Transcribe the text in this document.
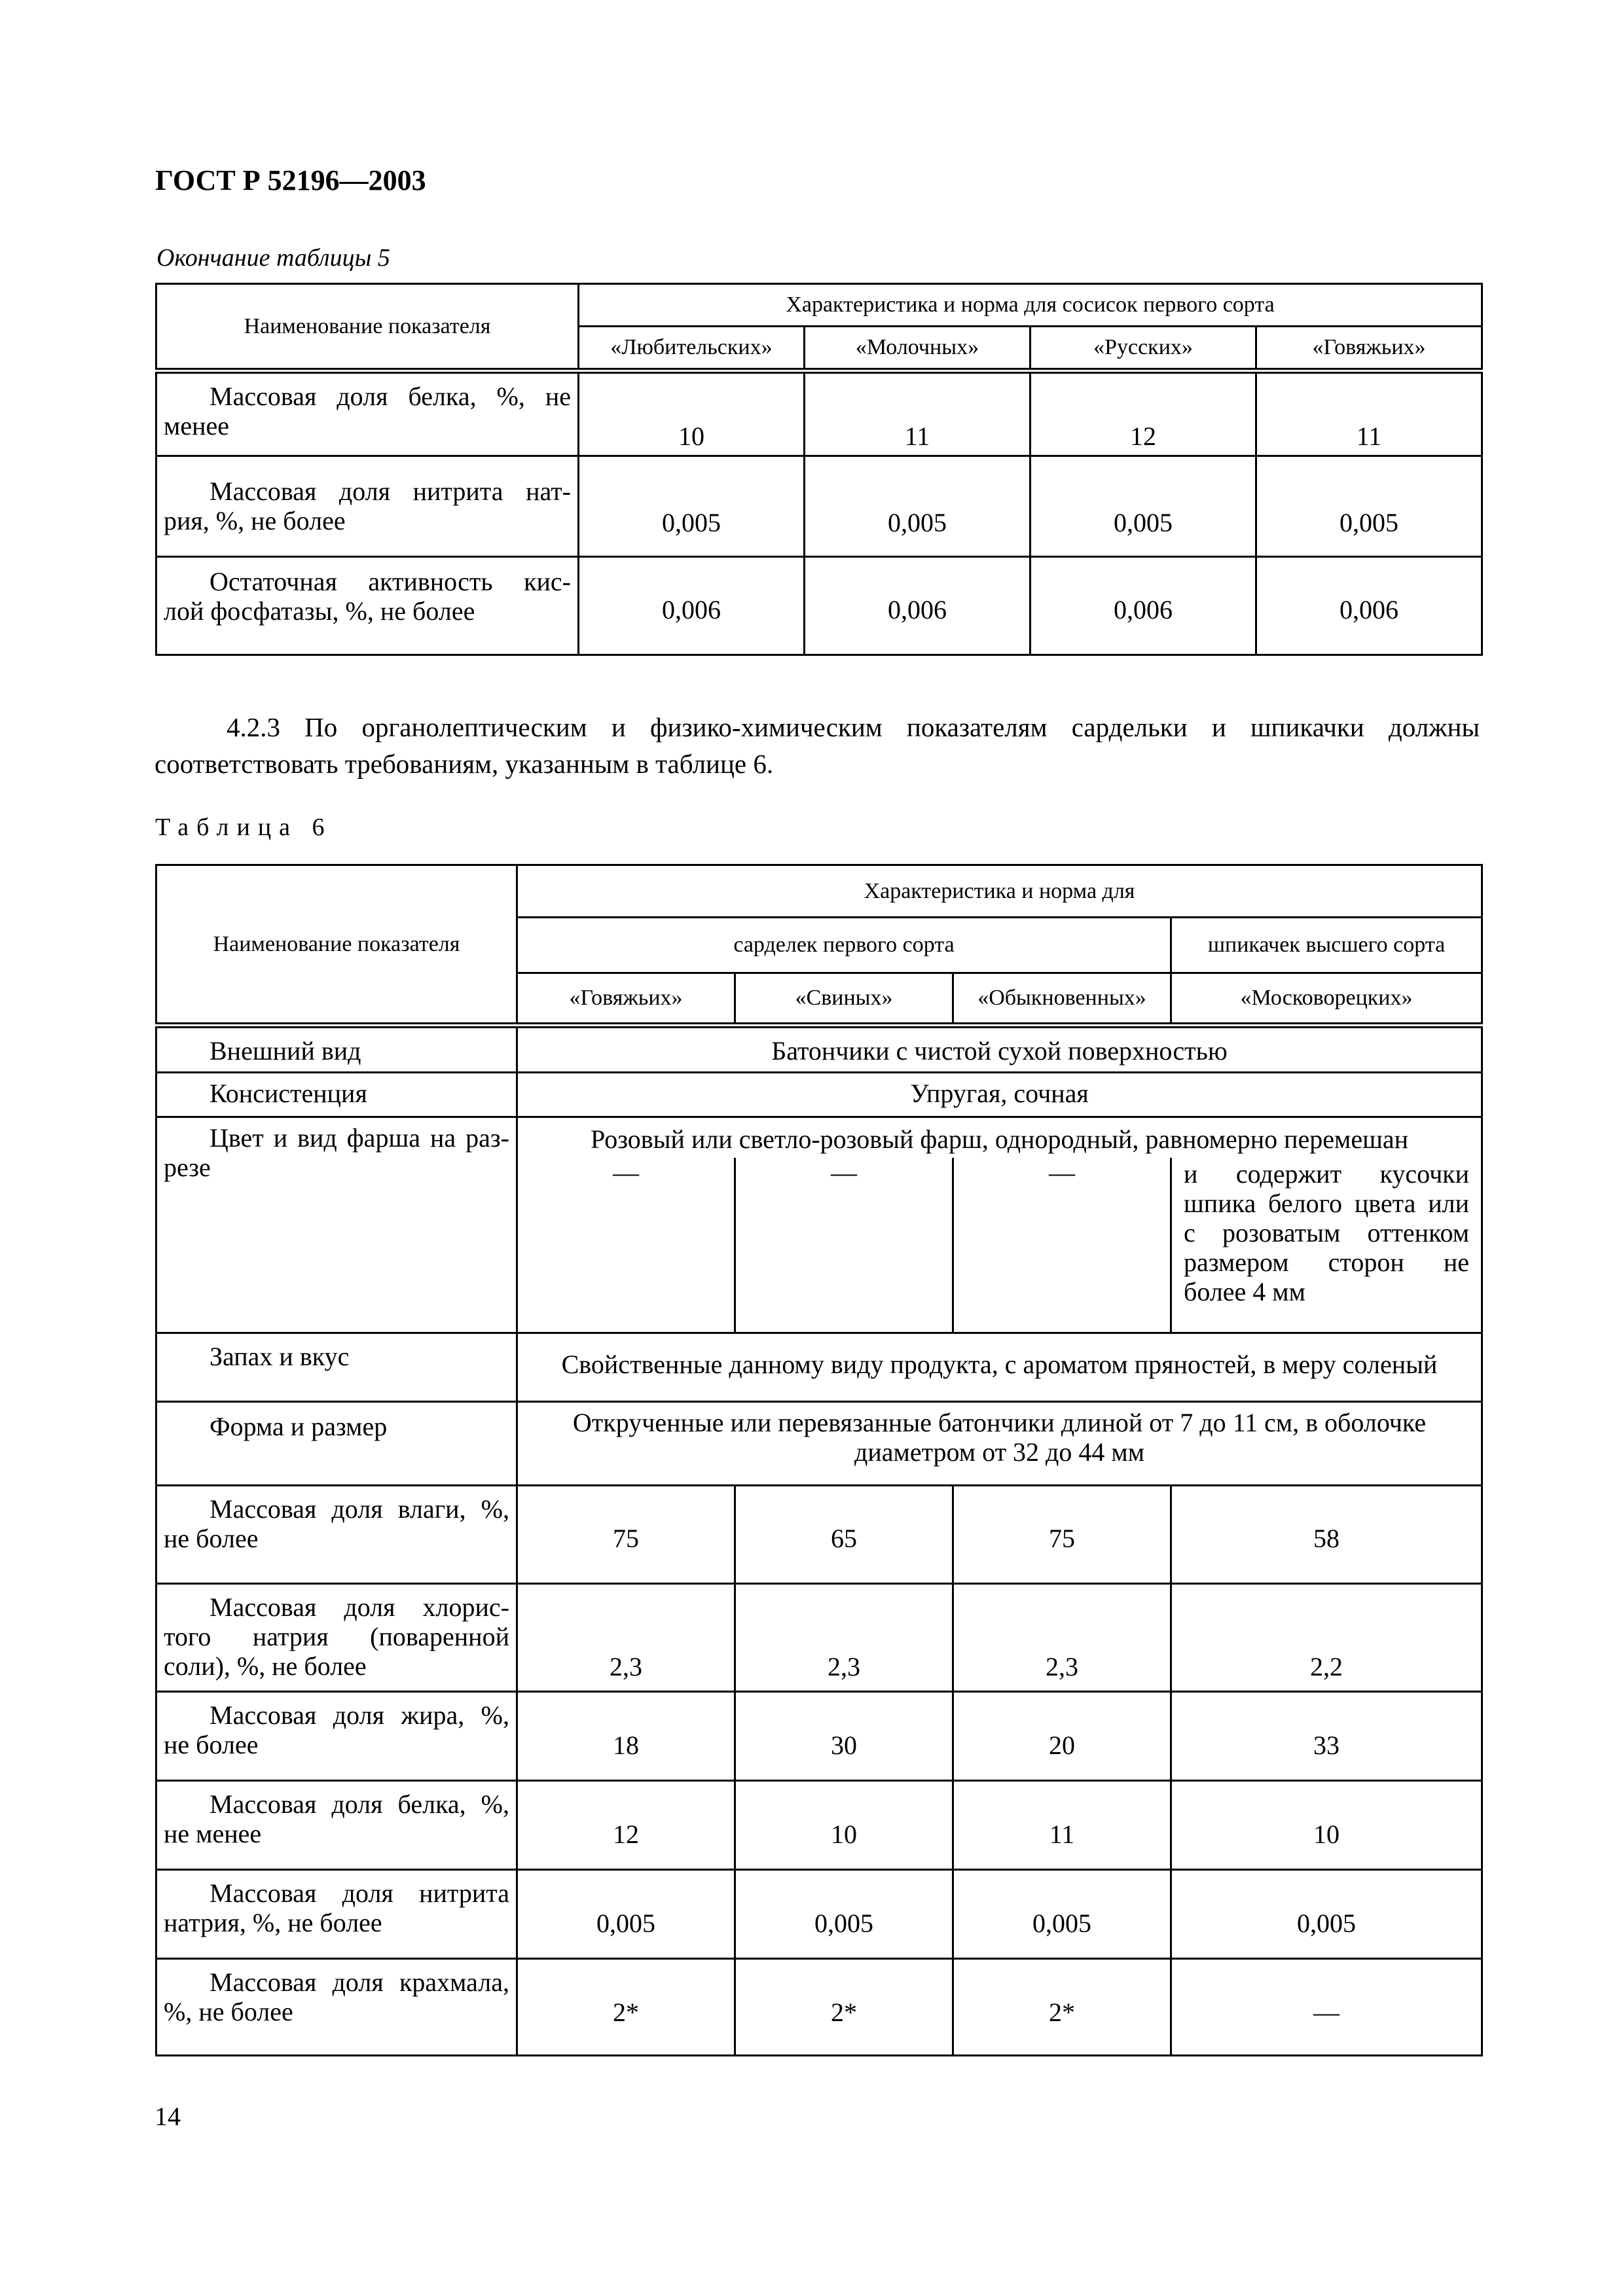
ГОСТ Р 52196—2003
Окончание таблицы 5
Наименование показателя	Характеристика и норма для сосисок первого сорта			
	«Любительских»	«Молочных»	«Русских»	«Говяжьих»

Массовая доля белка, %, не
менее	10	11	12	11

Массовая доля нитрита нат-
рия, %, не более	0,005	0,005	0,005	0,005

Остаточная активность кис-
лой фосфатазы, %, не более	0,006	0,006	0,006	0,006
4.2.3 По органолептическим и физико-химическим показателям сардельки и шпикачки должны
соответствовать требованиям, указанным в таблице 6.
Таблица 6
Наименование показателя	Характеристика и норма для			
	сарделек первого сорта			шпикачек высшего сорта
	«Говяжьих»	«Свиных»	«Обыкновенных»	«Московорецких»

Внешний вид	Батончики с чистой сухой поверхностью			

Консистенция	Упругая, сочная			

Цвет и вид фарша на раз-
резе	Розовый или светло-розовый фарш, однородный, равномерно перемешан			
	—	—	—	и содержит кусочки
шпика белого цвета или
с розоватым оттенком
размером сторон не
более 4 мм

Запах и вкус	Свойственные данному виду продукта, с ароматом пряностей, в меру соленый			

Форма и размер	Открученные или перевязанные батончики длиной от 7 до 11 см, в оболочке
диаметром от 32 до 44 мм			

Массовая доля влаги, %,
не более	75	65	75	58

Массовая доля хлорис-
того натрия (поваренной
соли), %, не более	2,3	2,3	2,3	2,2

Массовая доля жира, %,
не более	18	30	20	33

Массовая доля белка, %,
не менее	12	10	11	10

Массовая доля нитрита
натрия, %, не более	0,005	0,005	0,005	0,005

Массовая доля крахмала,
%, не более	2*	2*	2*	—
14
